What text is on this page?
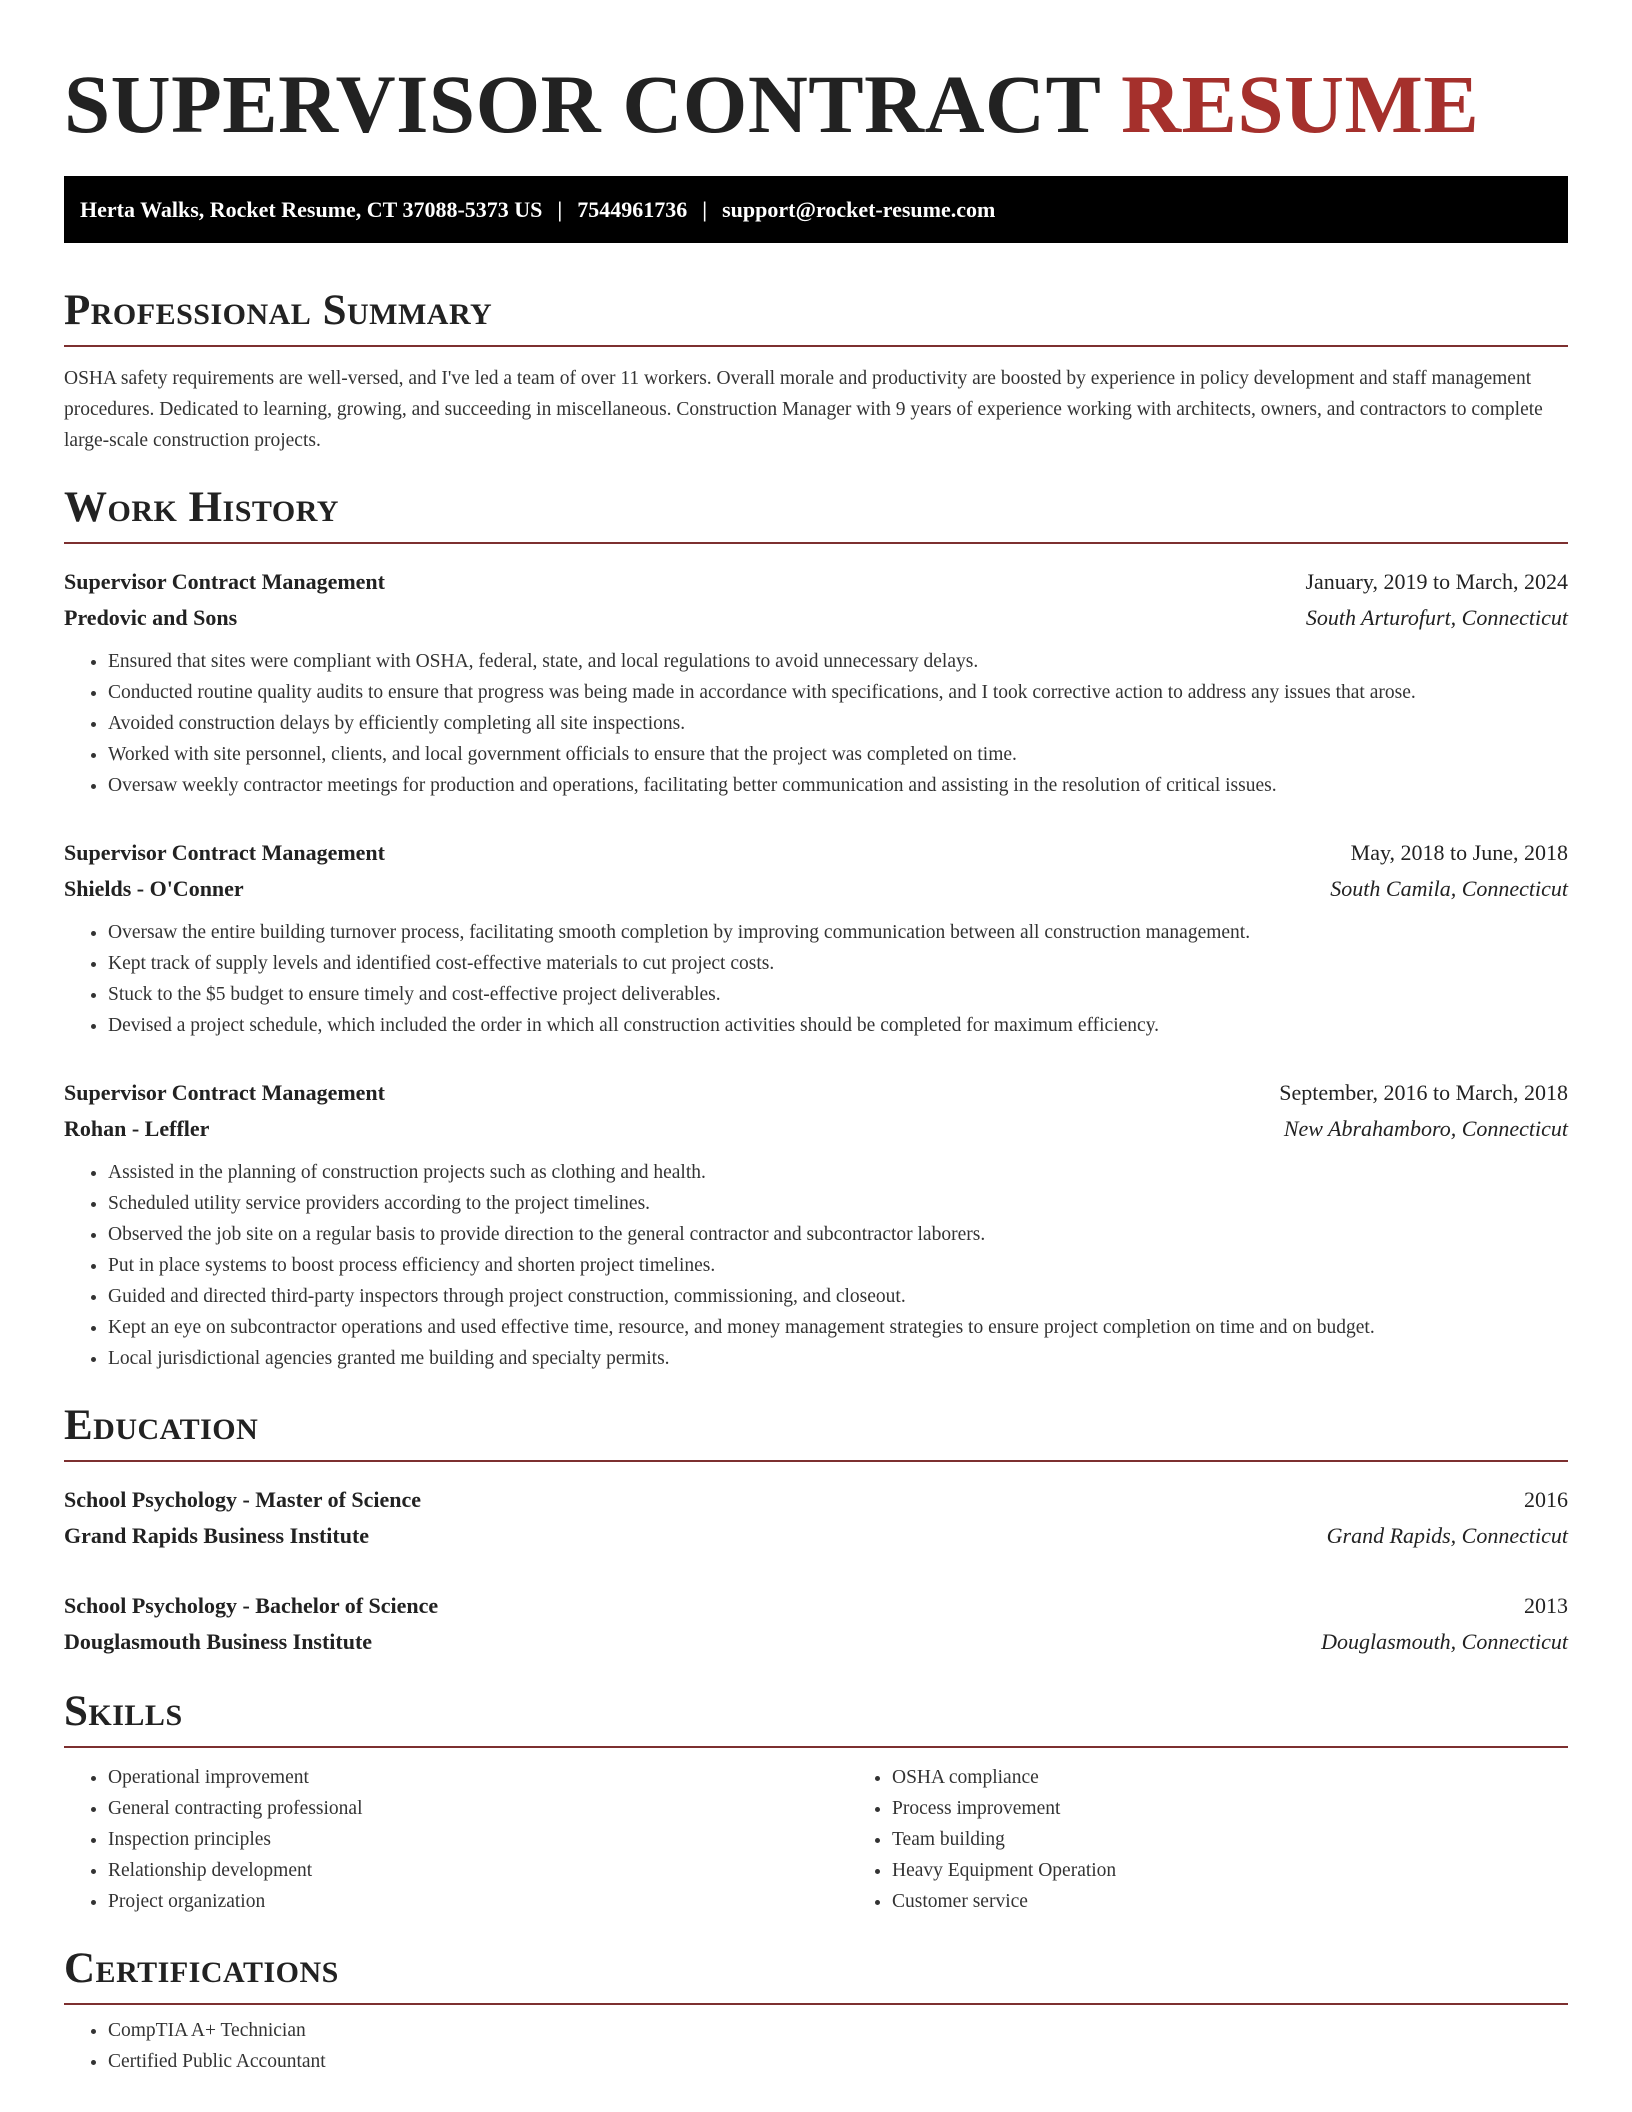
SUPERVISOR CONTRACT RESUME
Herta Walks, Rocket Resume, CT 37088-5373 US | 7544961736 | support@rocket-resume.com
Professional Summary

OSHA safety requirements are well-versed, and I've led a team of over 11 workers. Overall morale and productivity are boosted by experience in policy development and staff management procedures. Dedicated to learning, growing, and succeeding in miscellaneous. Construction Manager with 9 years of experience working with architects, owners, and contractors to complete large-scale construction projects.

Work History
Supervisor Contract Management	January, 2019 to March, 2024
Predovic and Sons	South Arturofurt, Connecticut
• Ensured that sites were compliant with OSHA, federal, state, and local regulations to avoid unnecessary delays.
• Conducted routine quality audits to ensure that progress was being made in accordance with specifications, and I took corrective action to address any issues that arose.
• Avoided construction delays by efficiently completing all site inspections.
• Worked with site personnel, clients, and local government officials to ensure that the project was completed on time.
• Oversaw weekly contractor meetings for production and operations, facilitating better communication and assisting in the resolution of critical issues.
Supervisor Contract Management	May, 2018 to June, 2018
Shields - O'Conner	South Camila, Connecticut
• Oversaw the entire building turnover process, facilitating smooth completion by improving communication between all construction management.
• Kept track of supply levels and identified cost-effective materials to cut project costs.
• Stuck to the $5 budget to ensure timely and cost-effective project deliverables.
• Devised a project schedule, which included the order in which all construction activities should be completed for maximum efficiency.
Supervisor Contract Management	September, 2016 to March, 2018
Rohan - Leffler	New Abrahamboro, Connecticut
• Assisted in the planning of construction projects such as clothing and health.
• Scheduled utility service providers according to the project timelines.
• Observed the job site on a regular basis to provide direction to the general contractor and subcontractor laborers.
• Put in place systems to boost process efficiency and shorten project timelines.
• Guided and directed third-party inspectors through project construction, commissioning, and closeout.
• Kept an eye on subcontractor operations and used effective time, resource, and money management strategies to ensure project completion on time and on budget.
• Local jurisdictional agencies granted me building and specialty permits.
Education
School Psychology - Master of Science	2016
Grand Rapids Business Institute	Grand Rapids, Connecticut
School Psychology - Bachelor of Science	2013
Douglasmouth Business Institute	Douglasmouth, Connecticut
Skills
• Operational improvement
• General contracting professional
• Inspection principles
• Relationship development
• Project organization
• OSHA compliance
• Process improvement
• Team building
• Heavy Equipment Operation
• Customer service
Certifications
• CompTIA A+ Technician
• Certified Public Accountant
